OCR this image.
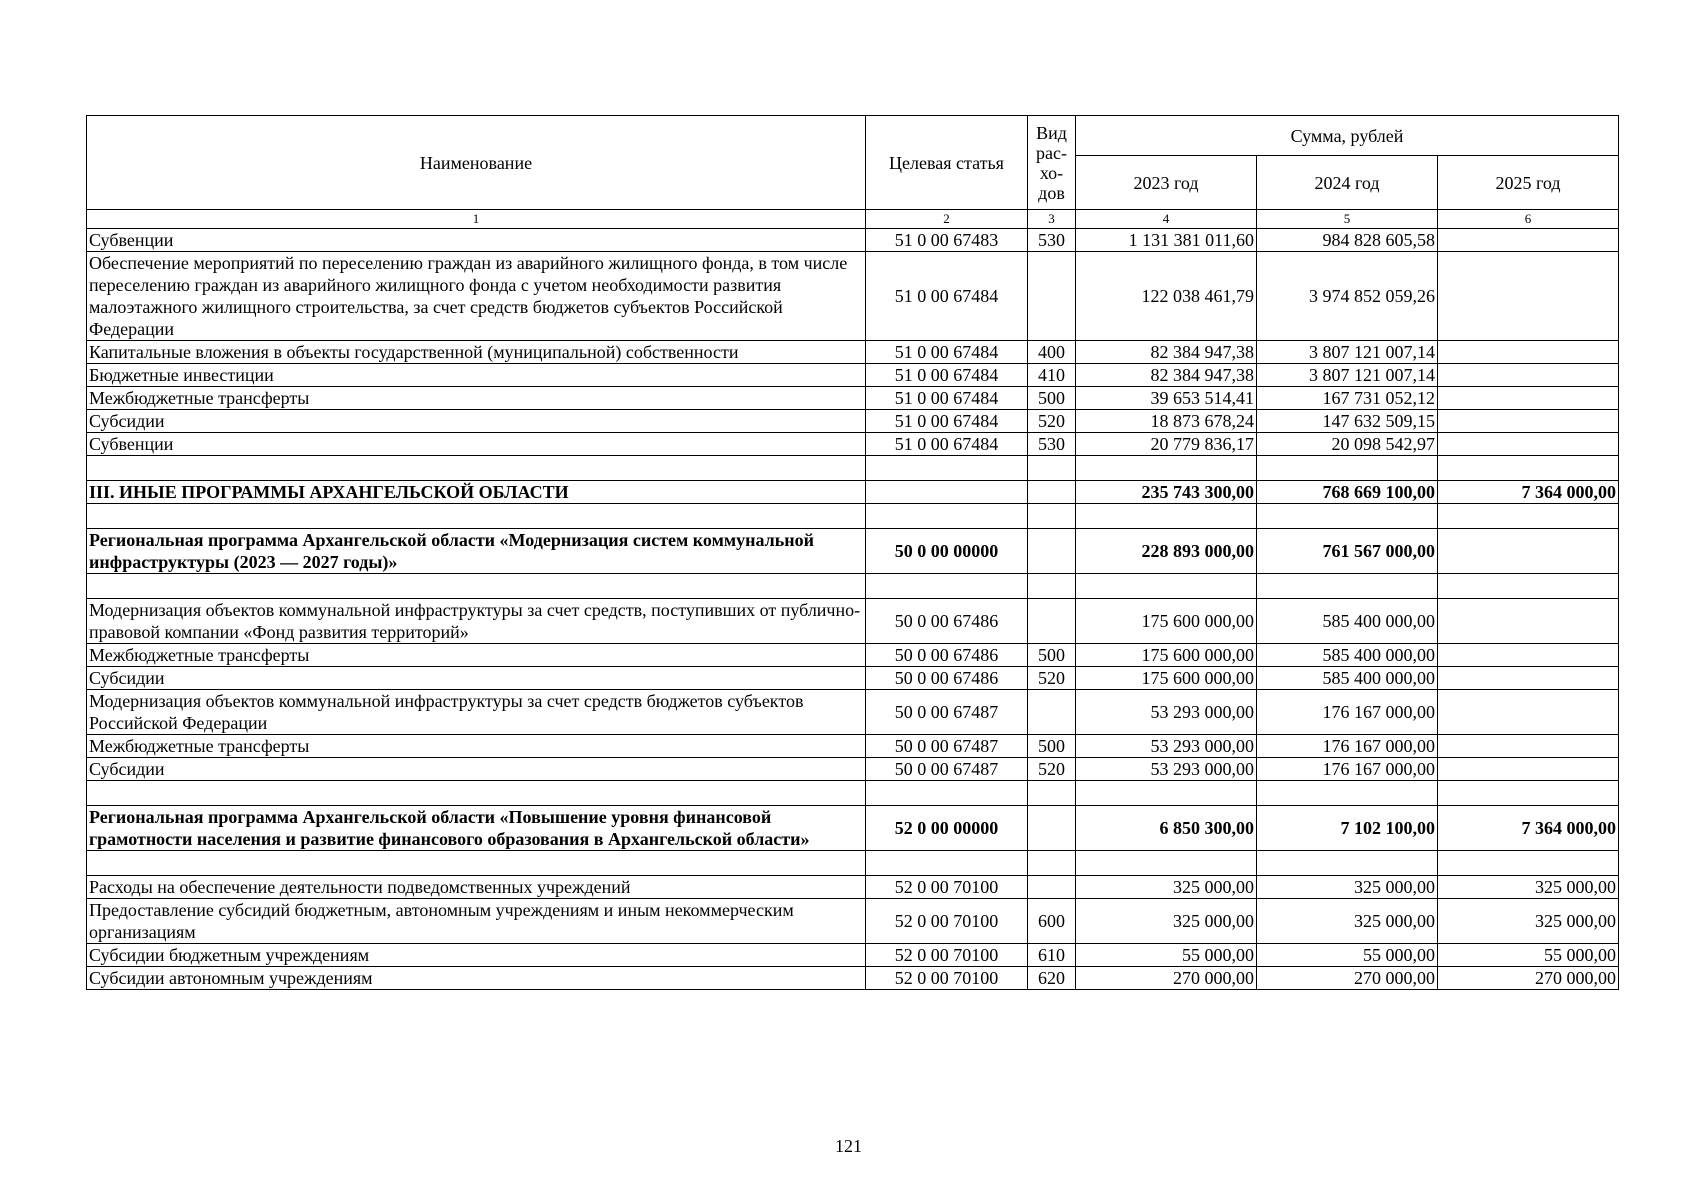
Наименование	Целевая статья	Вид рас-хо-дов	Сумма, рублей		
			2023 год	2024 год	2025 год
1	2	3	4	5	6
Субвенции	51 0 00 67483	530	1 131 381 011,60	984 828 605,58	
Обеспечение мероприятий по переселению граждан из аварийного жилищного фонда, в том числе переселению граждан из аварийного жилищного фонда с учетом необходимости развития малоэтажного жилищного строительства, за счет средств бюджетов субъектов Российской Федерации	51 0 00 67484		122 038 461,79	3 974 852 059,26	
Капитальные вложения в объекты государственной (муниципальной) собственности	51 0 00 67484	400	82 384 947,38	3 807 121 007,14	
Бюджетные инвестиции	51 0 00 67484	410	82 384 947,38	3 807 121 007,14	
Межбюджетные трансферты	51 0 00 67484	500	39 653 514,41	167 731 052,12	
Субсидии	51 0 00 67484	520	18 873 678,24	147 632 509,15	
Субвенции	51 0 00 67484	530	20 779 836,17	20 098 542,97	

III. ИНЫЕ ПРОГРАММЫ АРХАНГЕЛЬСКОЙ ОБЛАСТИ			235 743 300,00	768 669 100,00	7 364 000,00

Региональная программа Архангельской области «Модернизация систем коммунальной инфраструктуры (2023 — 2027 годы)»	50 0 00 00000		228 893 000,00	761 567 000,00	

Модернизация объектов коммунальной инфраструктуры за счет средств, поступивших от публично-правовой компании «Фонд развития территорий»	50 0 00 67486		175 600 000,00	585 400 000,00	
Межбюджетные трансферты	50 0 00 67486	500	175 600 000,00	585 400 000,00	
Субсидии	50 0 00 67486	520	175 600 000,00	585 400 000,00	
Модернизация объектов коммунальной инфраструктуры за счет средств бюджетов субъектов Российской Федерации	50 0 00 67487		53 293 000,00	176 167 000,00	
Межбюджетные трансферты	50 0 00 67487	500	53 293 000,00	176 167 000,00	
Субсидии	50 0 00 67487	520	53 293 000,00	176 167 000,00	

Региональная программа Архангельской области «Повышение уровня финансовой грамотности населения и развитие финансового образования в Архангельской области»	52 0 00 00000		6 850 300,00	7 102 100,00	7 364 000,00

Расходы на обеспечение деятельности подведомственных учреждений	52 0 00 70100		325 000,00	325 000,00	325 000,00
Предоставление субсидий бюджетным, автономным учреждениям и иным некоммерческим организациям	52 0 00 70100	600	325 000,00	325 000,00	325 000,00
Субсидии бюджетным учреждениям	52 0 00 70100	610	55 000,00	55 000,00	55 000,00
Субсидии автономным учреждениям	52 0 00 70100	620	270 000,00	270 000,00	270 000,00
121
